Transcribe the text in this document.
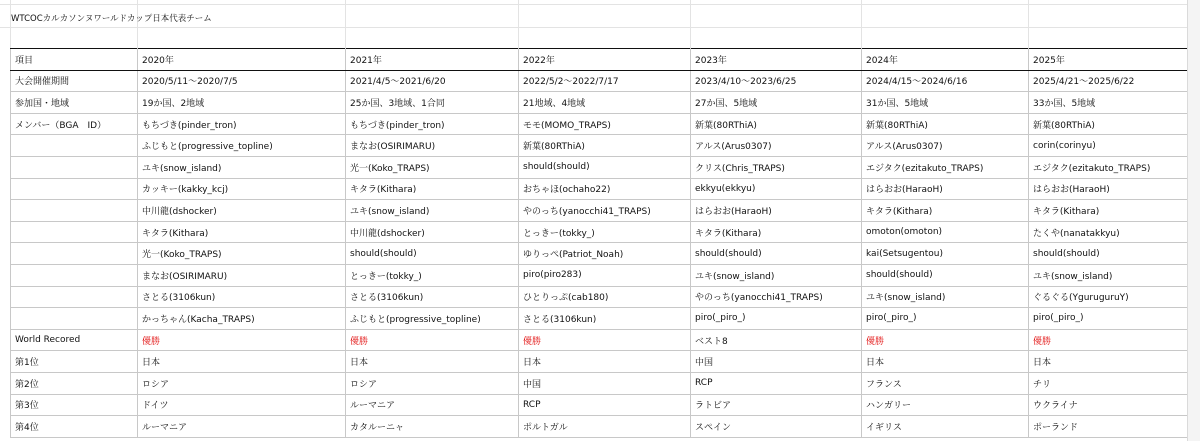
WTCOCカルカソンヌワールドカップ日本代表チーム
項目	2020年	2021年	2022年	2023年	2024年	2025年
大会開催期間	2020/5/11〜2020/7/5	2021/4/5〜2021/6/20	2022/5/2〜2022/7/17	2023/4/10〜2023/6/25	2024/4/15〜2024/6/16	2025/4/21〜2025/6/22
参加国・地域	19か国、2地域	25か国、3地域、1合同	21地域、4地域	27か国、5地域	31か国、5地域	33か国、5地域
メンバー（BGA　ID）	もちづき(pinder_tron)	もちづき(pinder_tron)	モモ(MOMO_TRAPS)	新葉(80RThiA)	新葉(80RThiA)	新葉(80RThiA)
	ふじもと(progressive_topline)	まなお(OSIRIMARU)	新葉(80RThiA)	アルス(Arus0307)	アルス(Arus0307)	corin(corinyu)
	ユキ(snow_island)	光一(Koko_TRAPS)	should(should)	クリス(Chris_TRAPS)	エジタク(ezitakuto_TRAPS)	エジタク(ezitakuto_TRAPS)
	カッキー(kakky_kcj)	キタラ(Kithara)	おちゃほ(ochaho22)	ekkyu(ekkyu)	はらおお(HaraoH)	はらおお(HaraoH)
	中川龍(dshocker)	ユキ(snow_island)	やのっち(yanocchi41_TRAPS)	はらおお(HaraoH)	キタラ(Kithara)	キタラ(Kithara)
	キタラ(Kithara)	中川龍(dshocker)	とっきー(tokky_)	キタラ(Kithara)	omoton(omoton)	たくや(nanatakkyu)
	光一(Koko_TRAPS)	should(should)	ゆりっぺ(Patriot_Noah)	should(should)	kai(Setsugentou)	should(should)
	まなお(OSIRIMARU)	とっきー(tokky_)	piro(piro283)	ユキ(snow_island)	should(should)	ユキ(snow_island)
	さとる(3106kun)	さとる(3106kun)	ひとりっぷ(cab180)	やのっち(yanocchi41_TRAPS)	ユキ(snow_island)	ぐるぐる(YguruguruY)
	かっちゃん(Kacha_TRAPS)	ふじもと(progressive_topline)	さとる(3106kun)	piro(_piro_)	piro(_piro_)	piro(_piro_)
World Recored	優勝	優勝	優勝	ベスト8	優勝	優勝
第1位	日本	日本	日本	中国	日本	日本
第2位	ロシア	ロシア	中国	RCP	フランス	チリ
第3位	ドイツ	ルーマニア	RCP	ラトビア	ハンガリー	ウクライナ
第4位	ルーマニア	カタルーニャ	ポルトガル	スペイン	イギリス	ポーランド
